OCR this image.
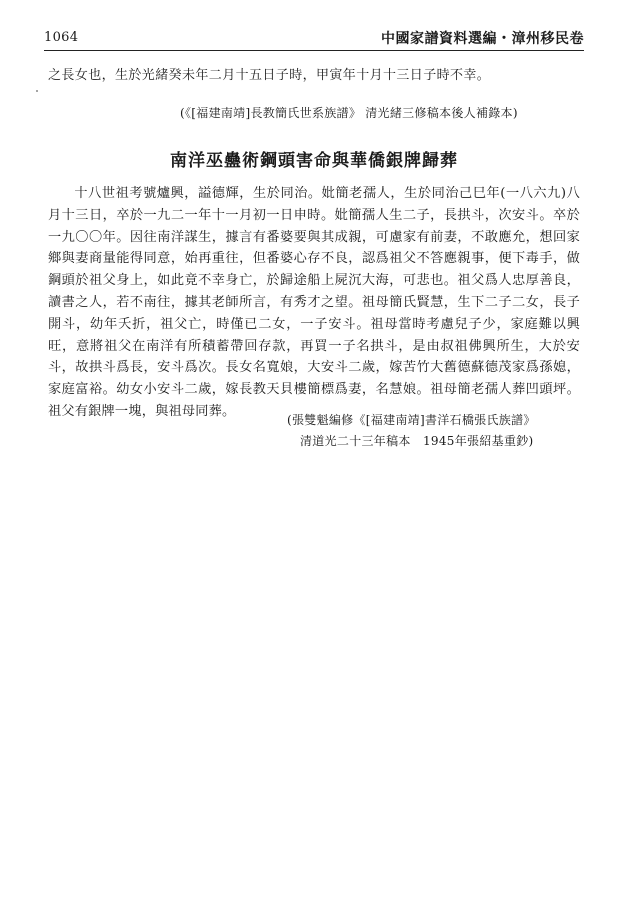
1064	中國家譜資料選編・漳州移民卷
之長女也，生於光緒癸未年二月十五日子時，甲寅年十月十三日子時不幸。
(《[福建南靖]長教簡氏世系族譜》 清光緒三修稿本後人補錄本)
南洋巫蠱術鋼頭害命與華僑銀牌歸葬

十八世祖考號爐興，謚德輝，生於同治。妣簡老孺人，生於同治己巳年(一八六九)八月十三日，卒於一九二一年十一月初一日申時。妣簡孺人生二子，長拱斗，次安斗。卒於一九〇〇年。因往南洋謀生，據言有番婆要與其成親，可慮家有前妻，不敢應允，想回家鄉與妻商量能得同意，始再重往，但番婆心存不良，認爲祖父不答應親事，便下毒手，做鋼頭於祖父身上，如此竟不幸身亡，於歸途船上屍沉大海，可悲也。祖父爲人忠厚善良，讀書之人，若不南往，據其老師所言，有秀才之望。祖母簡氏賢慧，生下二子二女，長子開斗，幼年夭折，祖父亡，時僅已二女，一子安斗。祖母當時考慮兒子少，家庭難以興旺，意將祖父在南洋有所積蓄帶回存款，再買一子名拱斗，是由叔祖佛興所生，大於安斗，故拱斗爲長，安斗爲次。長女名寬娘，大安斗二歲，嫁苦竹大舊德蘇德茂家爲孫媳，家庭富裕。幼女小安斗二歲，嫁長教天貝樓簡標爲妻，名慧娘。祖母簡老孺人葬凹頭坪。祖父有銀牌一塊，與祖母同葬。

(張雙魁編修《[福建南靖]書洋石橋張氏族譜》
清道光二十三年稿本　1945年張紹基重鈔)
